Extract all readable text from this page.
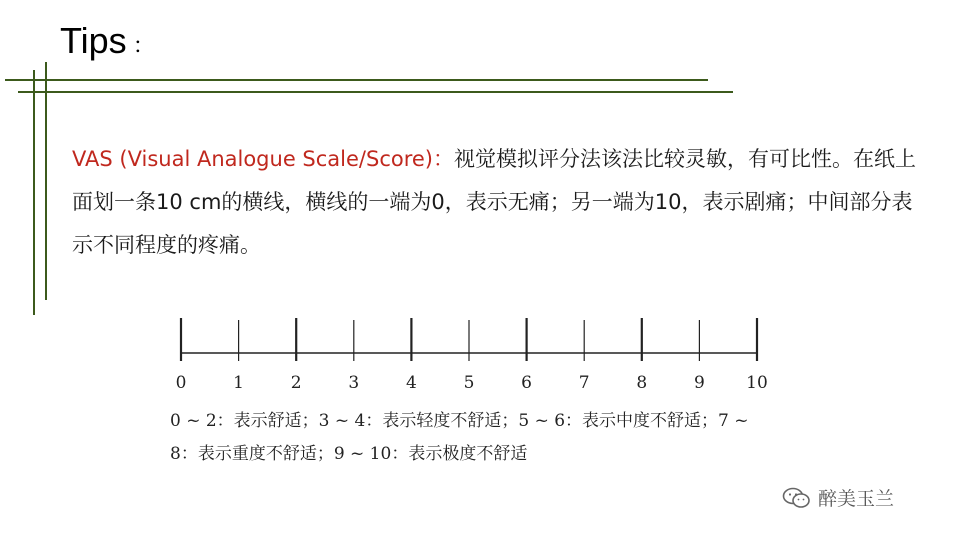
Tips ：
VAS (Visual Analogue Scale/Score)：视觉模拟评分法该法比较灵敏，有可比性。在纸上面划一条10 cm的横线，横线的一端为0，表示无痛；另一端为10，表示剧痛；中间部分表示不同程度的疼痛。
0	1	2	3	4	5	6	7	8	9 10
0 ~ 2：表示舒适；3 ~ 4：表示轻度不舒适；5 ~ 6：表示中度不舒适；7 ~
8：表示重度不舒适；9 ~ 10：表示极度不舒适
醉美玉兰
